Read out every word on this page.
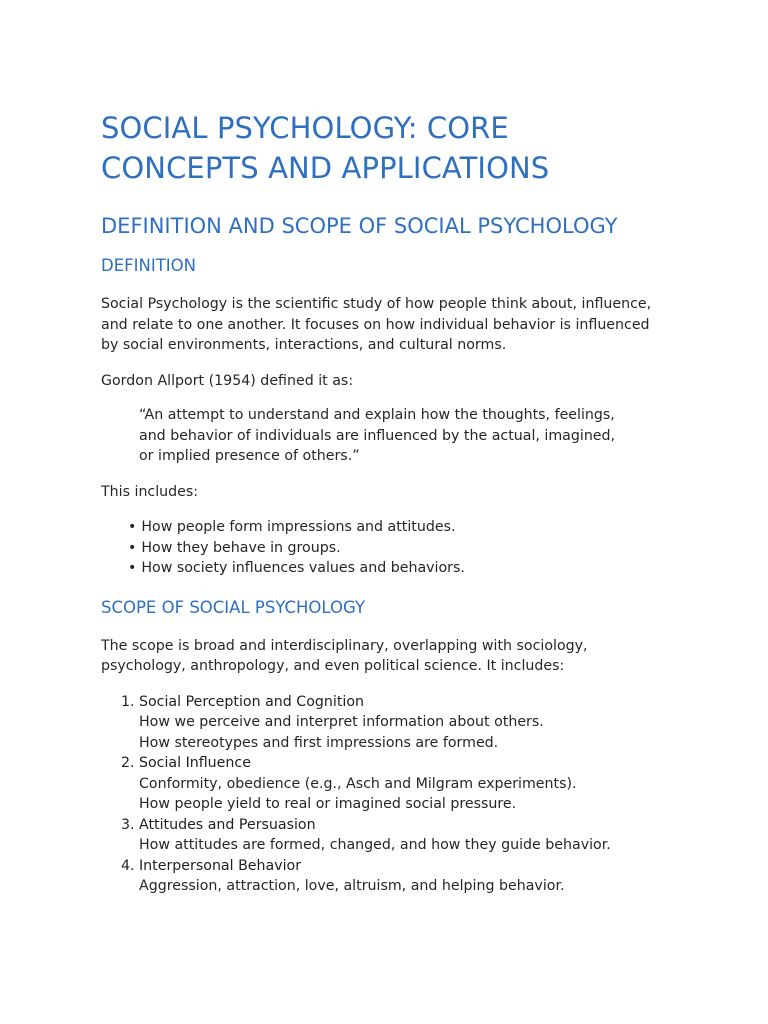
SOCIAL PSYCHOLOGY: CORE
CONCEPTS AND APPLICATIONS
DEFINITION AND SCOPE OF SOCIAL PSYCHOLOGY
DEFINITION

Social Psychology is the scientific study of how people think about, influence, and relate to one another. It focuses on how individual behavior is influenced by social environments, interactions, and cultural norms.

Gordon Allport (1954) defined it as:

“An attempt to understand and explain how the thoughts, feelings,
and behavior of individuals are influenced by the actual, imagined,
or implied presence of others.”

This includes:

• How people form impressions and attitudes.
• How they behave in groups.
• How society influences values and behaviors.
SCOPE OF SOCIAL PSYCHOLOGY

The scope is broad and interdisciplinary, overlapping with sociology, psychology, anthropology, and even political science. It includes:

1. Social Perception and Cognition
How we perceive and interpret information about others.
How stereotypes and first impressions are formed.
2. Social Influence
Conformity, obedience (e.g., Asch and Milgram experiments).
How people yield to real or imagined social pressure.
3. Attitudes and Persuasion
How attitudes are formed, changed, and how they guide behavior.
4. Interpersonal Behavior
Aggression, attraction, love, altruism, and helping behavior.
